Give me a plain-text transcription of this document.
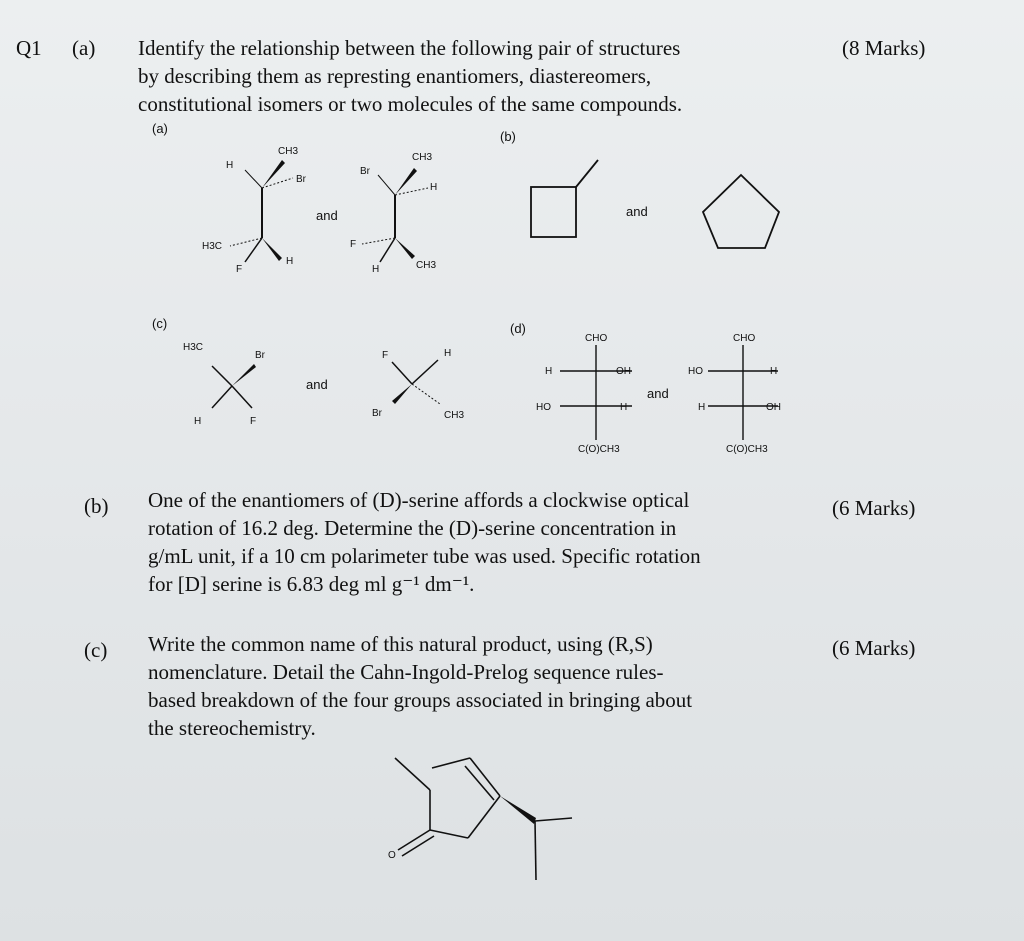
Q1 (a) Identify the relationship between the following pair of structures
by describing them as represting enantiomers, diastereomers,
constitutional isomers or two molecules of the same compounds.
(8 Marks)
(a)
(b)
(c)	(d)
H
CH3
Br
H3C
F
H
and
Br
CH3
H
F
H	CH3
and
H3C
Br
H	F
and
F	H
Br	CH3
CHO
H	OH
HO	H
C(O)CH3
and
CHO
HO	H
H	OH
C(O)CH3
O
(b) One of the enantiomers of (D)-serine affords a clockwise optical
rotation of 16.2 deg. Determine the (D)-serine concentration in
g/mL unit, if a 10 cm polarimeter tube was used. Specific rotation
for [D] serine is 6.83 deg ml g⁻¹ dm⁻¹.
(6 Marks)
(c) Write the common name of this natural product, using (R,S)
nomenclature. Detail the Cahn-Ingold-Prelog sequence rules-
based breakdown of the four groups associated in bringing about
the stereochemistry.
(6 Marks)
